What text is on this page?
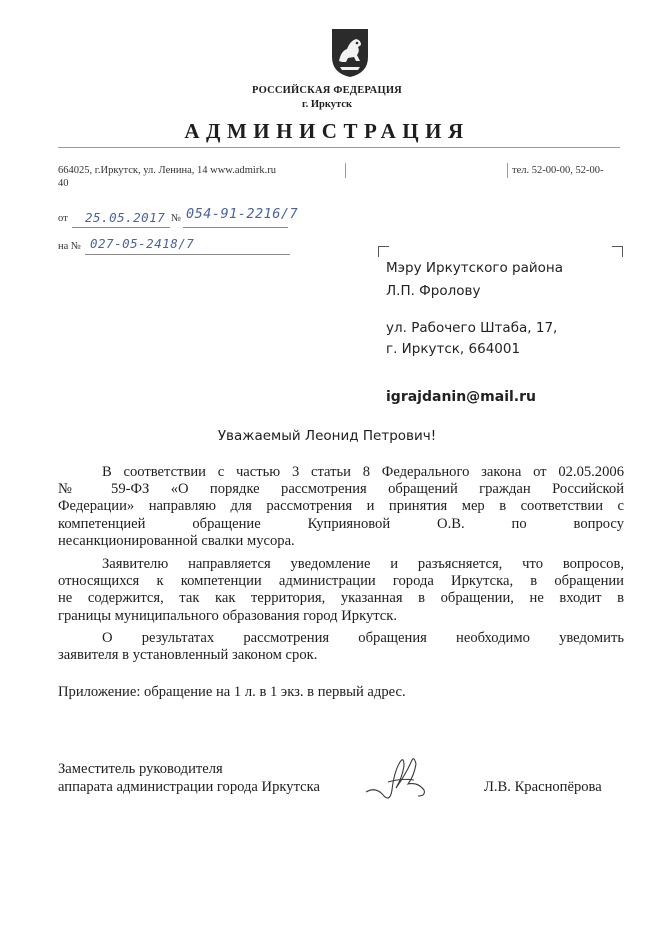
РОССИЙСКАЯ ФЕДЕРАЦИЯ
г. Иркутск
АДМИНИСТРАЦИЯ
664025, г.Иркутск, ул. Ленина, 14 www.admirk.ru
40
тел. 52-00-00, 52-00-
от 25.05.2017 № 054-91-2216/7
на № 027-05-2418/7
Мэру Иркутского района
Л.П. Фролову
ул. Рабочего Штаба, 17,
г. Иркутск, 664001
igrajdanin@mail.ru
Уважаемый Леонид Петрович!
В соответствии с частью 3 статьи 8 Федерального закона от 02.05.2006
№ 59-ФЗ «О порядке рассмотрения обращений граждан Российской
Федерации» направляю для рассмотрения и принятия мер в соответствии с
компетенцией обращение Куприяновой О.В. по вопросу
несанкционированной свалки мусора.
Заявителю направляется уведомление и разъясняется, что вопросов,
относящихся к компетенции администрации города Иркутска, в обращении
не содержится, так как территория, указанная в обращении, не входит в
границы муниципального образования город Иркутск.
О результатах рассмотрения обращения необходимо уведомить
заявителя в установленный законом срок.
Приложение: обращение на 1 л. в 1 экз. в первый адрес.
Заместитель руководителя
аппарата администрации города Иркутска	Л.В. Краснопёрова
